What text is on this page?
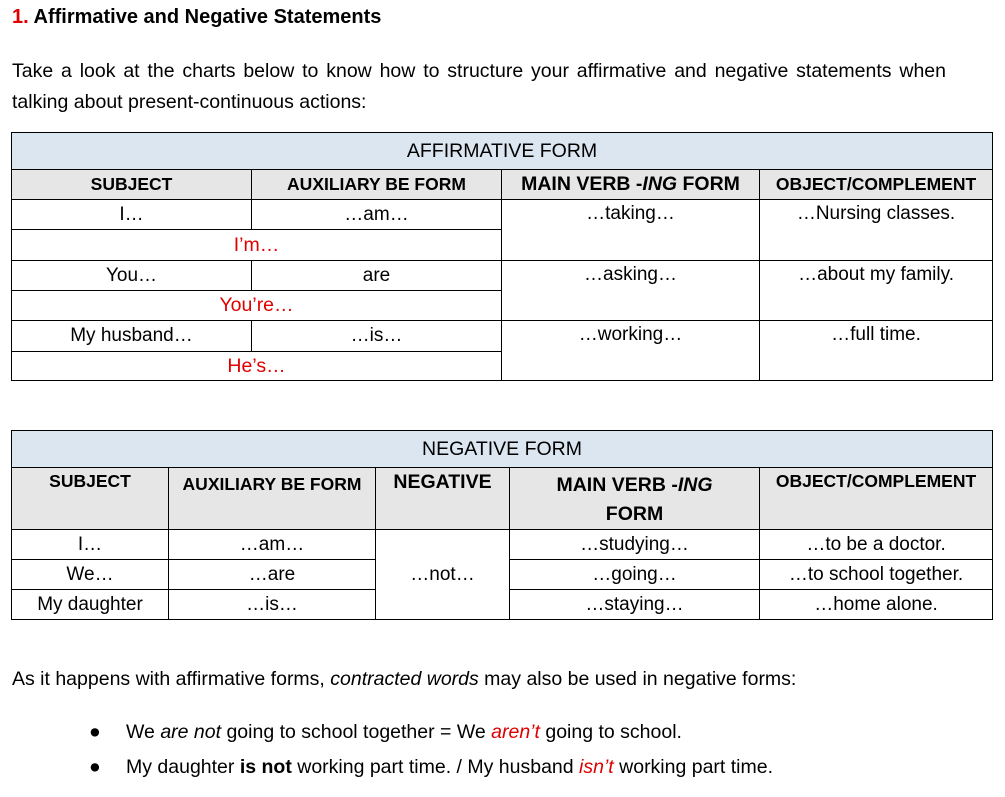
1. Affirmative and Negative Statements
Take a look at the charts below to know how to structure your affirmative and negative statements when talking about present-continuous actions:
AFFIRMATIVE FORM			
SUBJECT	AUXILIARY BE FORM	MAIN VERB -ING FORM	OBJECT/COMPLEMENT
I…	…am…	…taking…	…Nursing classes.
I’m…			
You…	are	…asking…	…about my family.
You’re…			
My husband…	…is…	…working…	…full time.
He’s…			
NEGATIVE FORM				
SUBJECT	AUXILIARY BE FORM	NEGATIVE	MAIN VERB -ING FORM	OBJECT/COMPLEMENT
I…	…am…	…not…	…studying…	…to be a doctor.
We…	…are		…going…	…to school together.
My daughter	…is…		…staying…	…home alone.
As it happens with affirmative forms, contracted words may also be used in negative forms:
● We are not going to school together = We aren’t going to school.
● My daughter is not working part time. / My husband isn’t working part time.
